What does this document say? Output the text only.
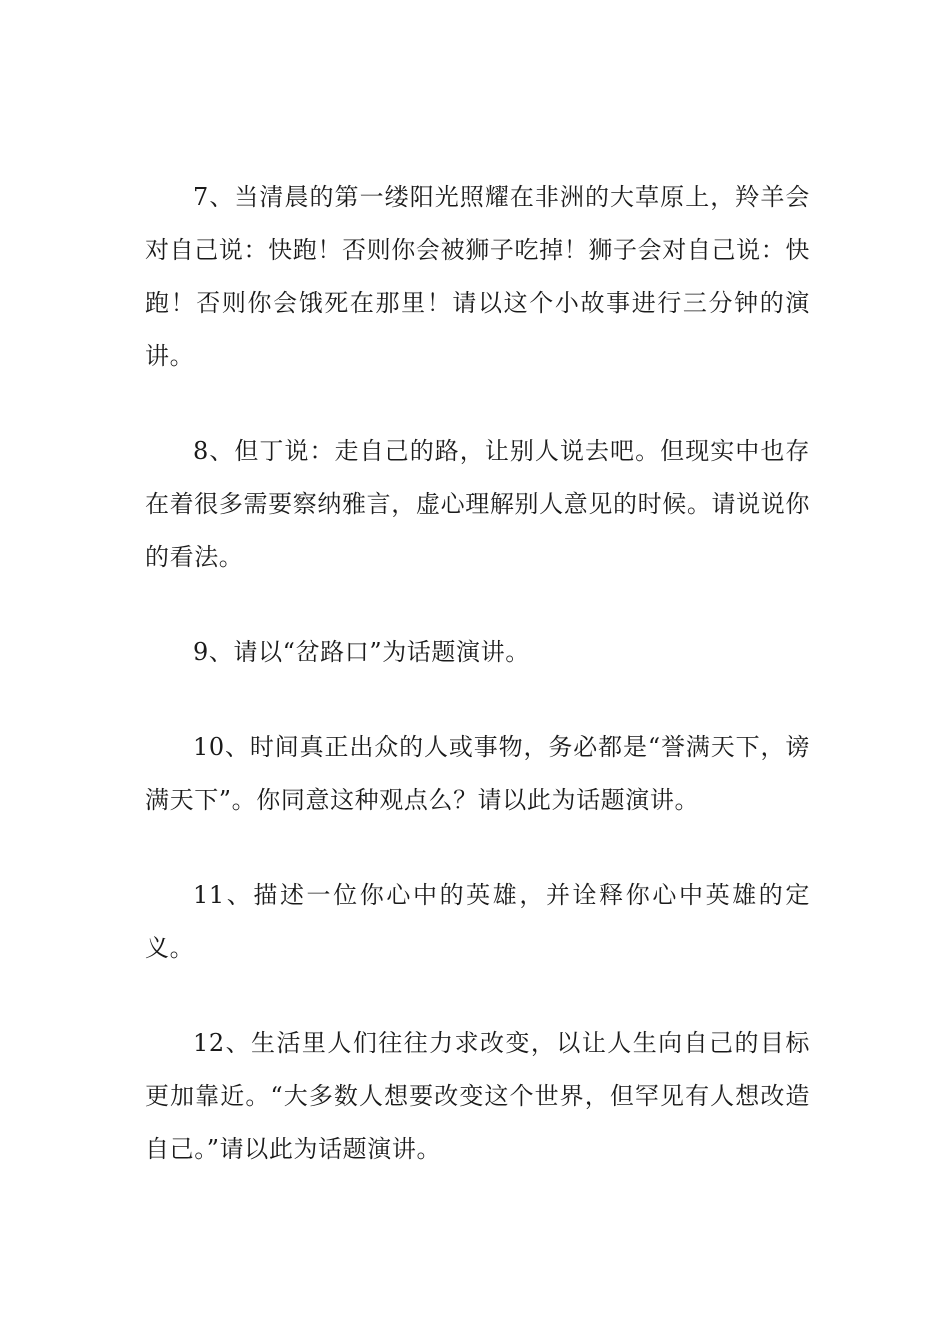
7、当清晨的第一缕阳光照耀在非洲的大草原上，羚羊会对自己说：快跑！否则你会被狮子吃掉！狮子会对自己说：快跑！否则你会饿死在那里！请以这个小故事进行三分钟的演讲。

8、但丁说：走自己的路，让别人说去吧。但现实中也存在着很多需要察纳雅言，虚心理解别人意见的时候。请说说你的看法。

9、请以“岔路口”为话题演讲。

10、时间真正出众的人或事物，务必都是“誉满天下，谤满天下”。你同意这种观点么？请以此为话题演讲。

11、描述一位你心中的英雄，并诠释你心中英雄的定义。

12、生活里人们往往力求改变，以让人生向自己的目标更加靠近。“大多数人想要改变这个世界，但罕见有人想改造自己。”请以此为话题演讲。
